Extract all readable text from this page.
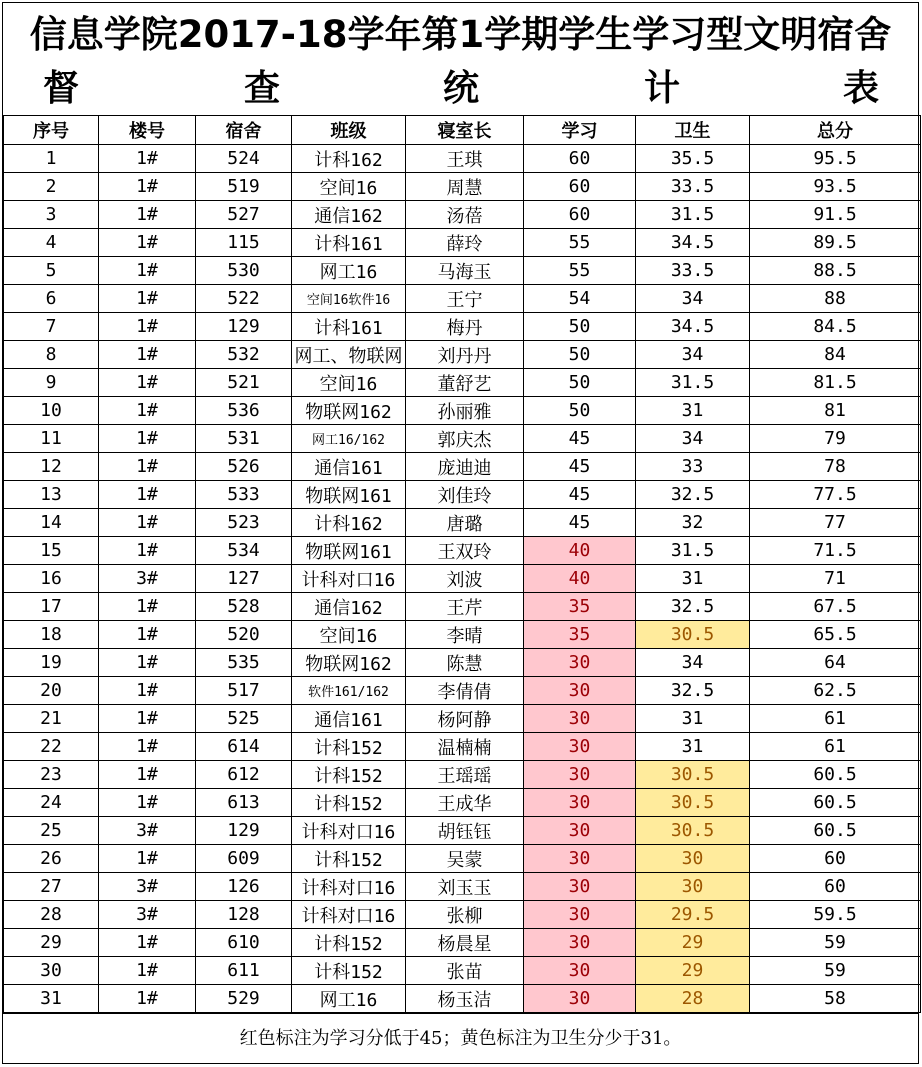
信息学院2017-18学年第1学期学生学习型文明宿舍
督	查	统	计	表
序号	楼号	宿舍	班级	寝室长	学习	卫生	总分
1	1#	524	计科162	王琪	60	35.5	95.5
2	1#	519	空间16	周慧	60	33.5	93.5
3	1#	527	通信162	汤蓓	60	31.5	91.5
4	1#	115	计科161	薛玲	55	34.5	89.5
5	1#	530	网工16	马海玉	55	33.5	88.5
6	1#	522	空间16软件16	王宁	54	34	88
7	1#	129	计科161	梅丹	50	34.5	84.5
8	1#	532	网工、物联网	刘丹丹	50	34	84
9	1#	521	空间16	董舒艺	50	31.5	81.5
10	1#	536	物联网162	孙丽雅	50	31	81
11	1#	531	网工16/162	郭庆杰	45	34	79
12	1#	526	通信161	庞迪迪	45	33	78
13	1#	533	物联网161	刘佳玲	45	32.5	77.5
14	1#	523	计科162	唐璐	45	32	77
15	1#	534	物联网161	王双玲	40	31.5	71.5
16	3#	127	计科对口16	刘波	40	31	71
17	1#	528	通信162	王芹	35	32.5	67.5
18	1#	520	空间16	李晴	35	30.5	65.5
19	1#	535	物联网162	陈慧	30	34	64
20	1#	517	软件161/162	李倩倩	30	32.5	62.5
21	1#	525	通信161	杨阿静	30	31	61
22	1#	614	计科152	温楠楠	30	31	61
23	1#	612	计科152	王瑶瑶	30	30.5	60.5
24	1#	613	计科152	王成华	30	30.5	60.5
25	3#	129	计科对口16	胡钰钰	30	30.5	60.5
26	1#	609	计科152	吴蒙	30	30	60
27	3#	126	计科对口16	刘玉玉	30	30	60
28	3#	128	计科对口16	张柳	30	29.5	59.5
29	1#	610	计科152	杨晨星	30	29	59
30	1#	611	计科152	张苗	30	29	59
31	1#	529	网工16	杨玉洁	30	28	58
红色标注为学习分低于45；黄色标注为卫生分少于31。
